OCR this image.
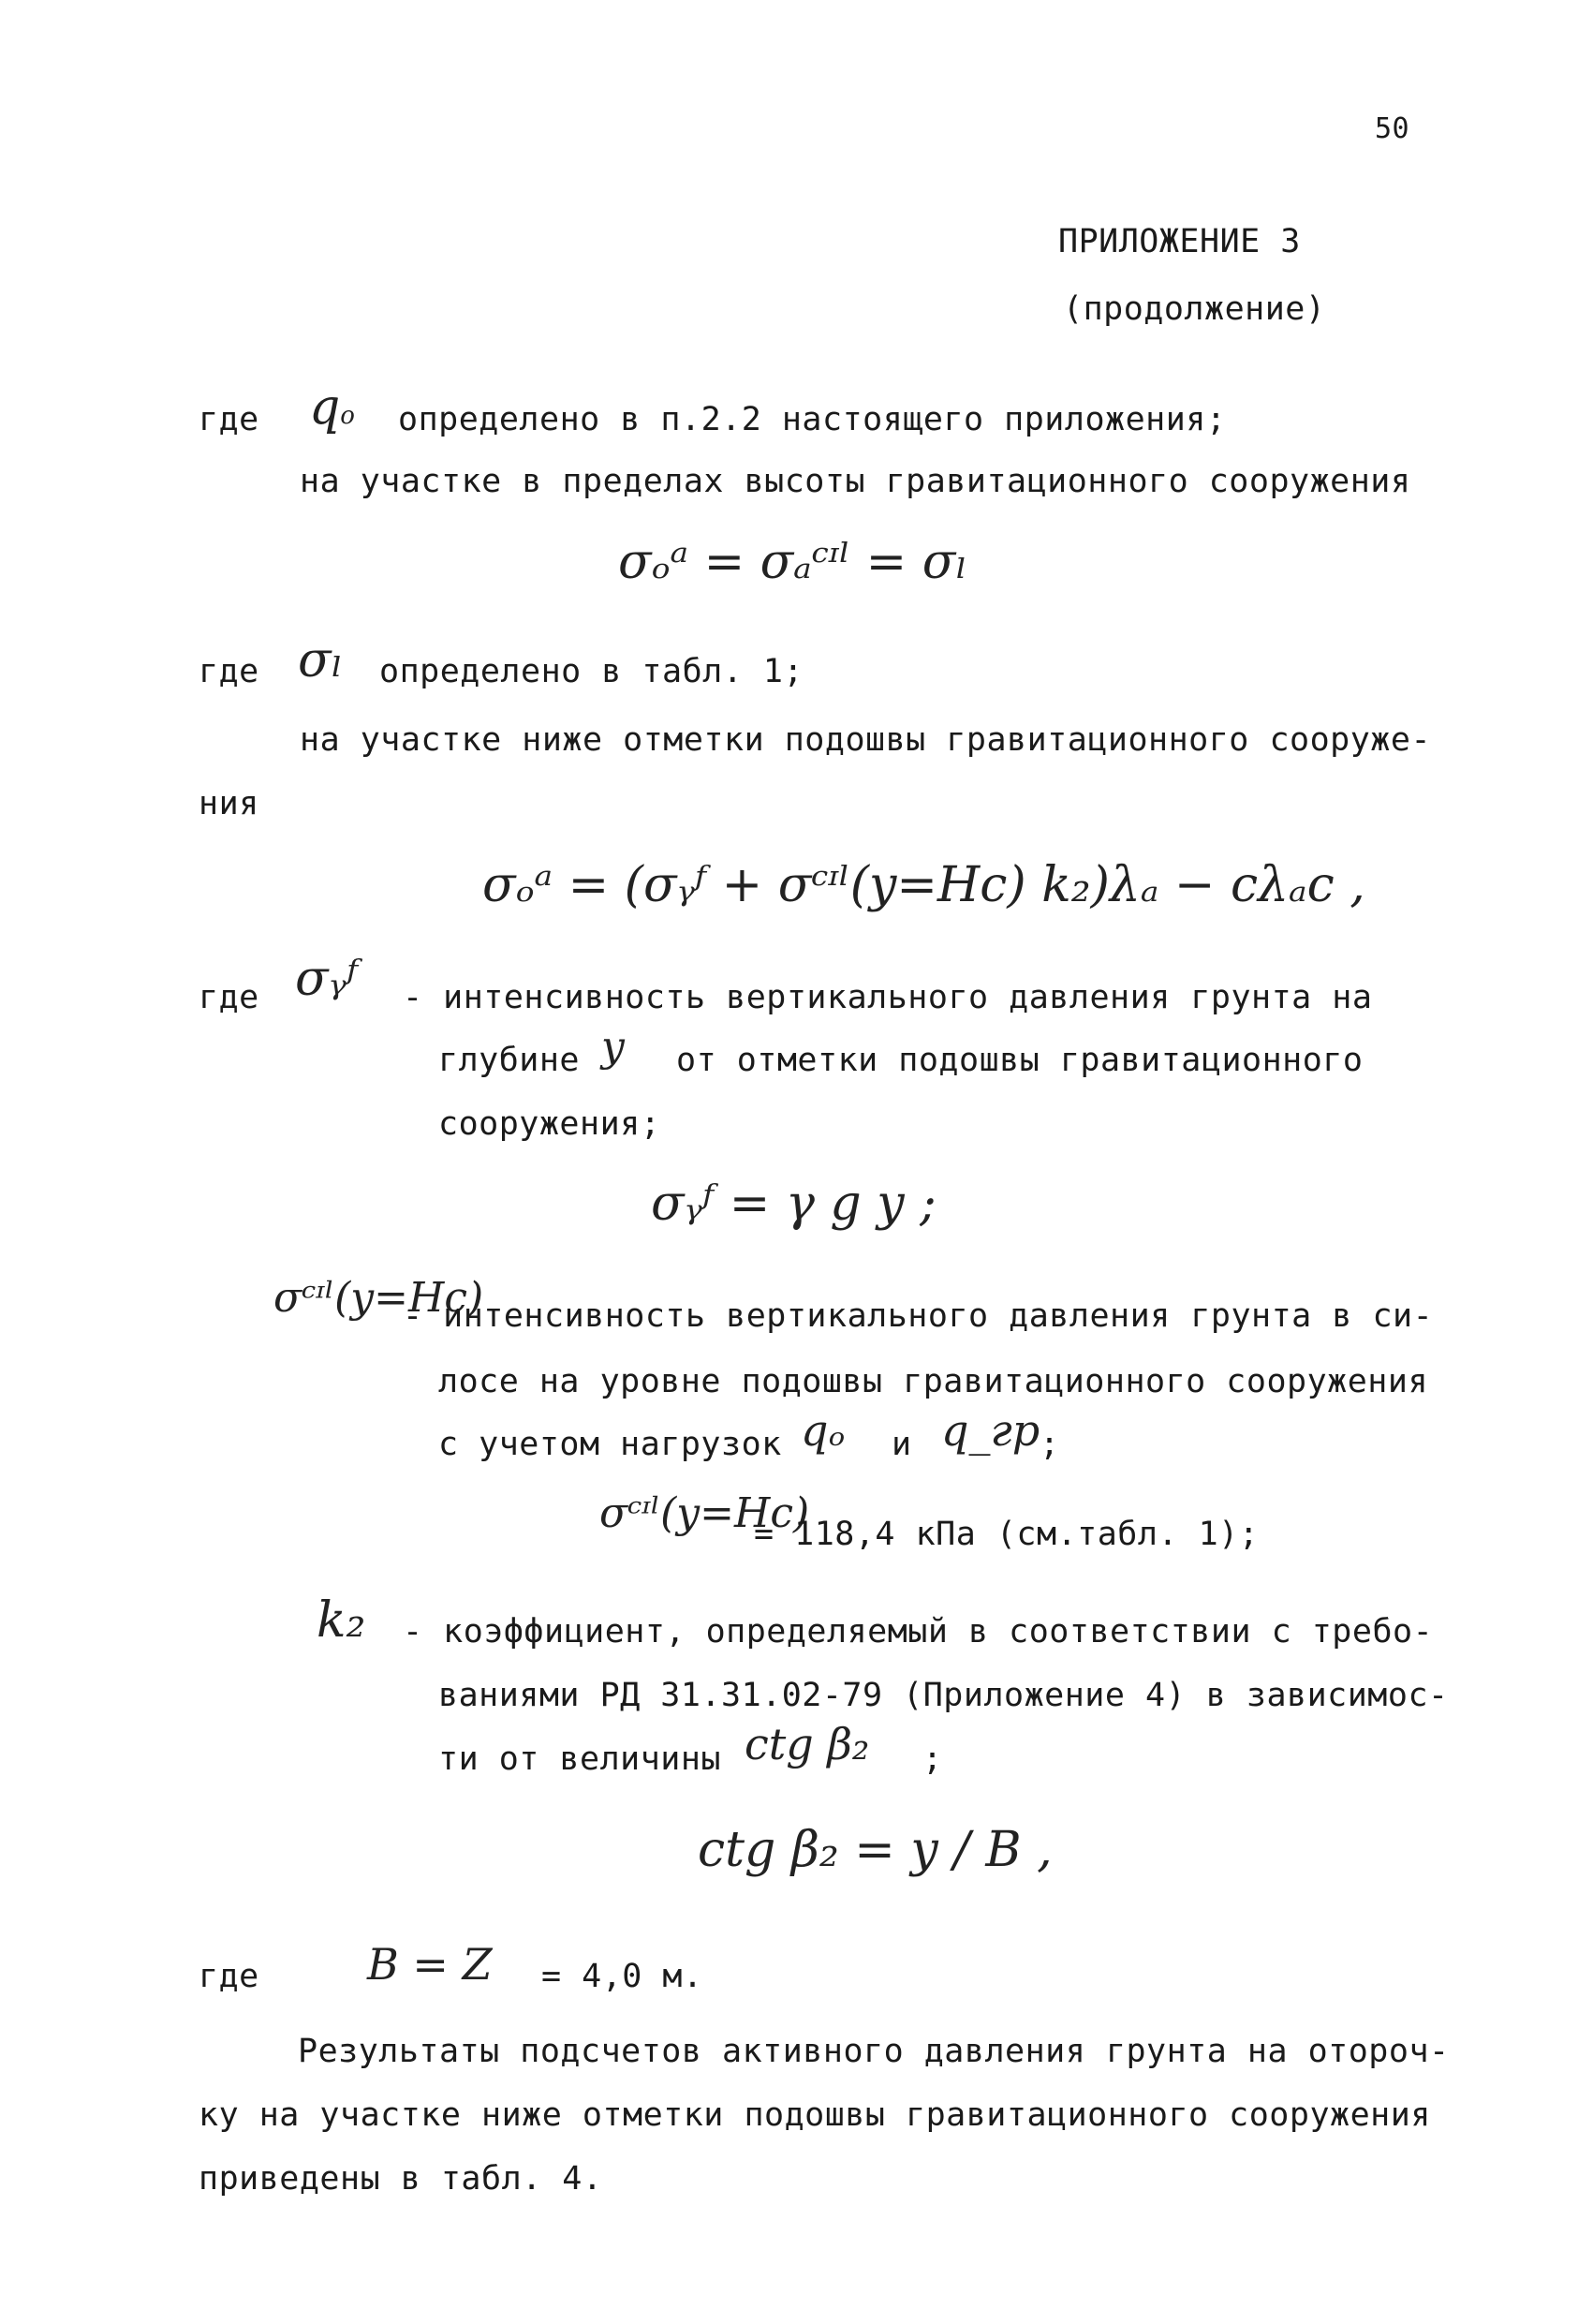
50
ПРИЛОЖЕНИЕ 3
(продолжение)
где qo определено в п.2.2 настоящего приложения;
на участке в пределах высоты гравитационного сооружения
σₒᵃ = σₐᶜᶦˡ = σₗ
где σₗ определено в табл. 1;
на участке ниже отметки подошвы гравитационного сооруже-
ния
σₒᵃ = (σᵧᶠ + σᶜᶦˡ(y=Hc) k₂)λₐ − cλₐc ,
где σᵧᶠ - интенсивность вертикального давления грунта на
глубине y от отметки подошвы гравитационного
сооружения;
σᵧᶠ = γ g y ;
σᶜᶦˡ(y=Hc)
- интенсивность вертикального давления грунта в си-
лосе на уровне подошвы гравитационного сооружения
с учетом нагрузок qₒ и q_гр ;
σᶜᶦˡ(y=Hc)
= 118,4 кПа (см.табл. 1);
k₂ - коэффициент, определяемый в соответствии с требо-
ваниями РД 31.31.02-79 (Приложение 4) в зависимос-
ти от величины ctg β₂ ;
ctg β₂ = y / B ,
где	B = Z = 4,0 м.
Результаты подсчетов активного давления грунта на оторoч-
ку на участке ниже отметки подошвы гравитационного сооружения
приведены в табл. 4.
